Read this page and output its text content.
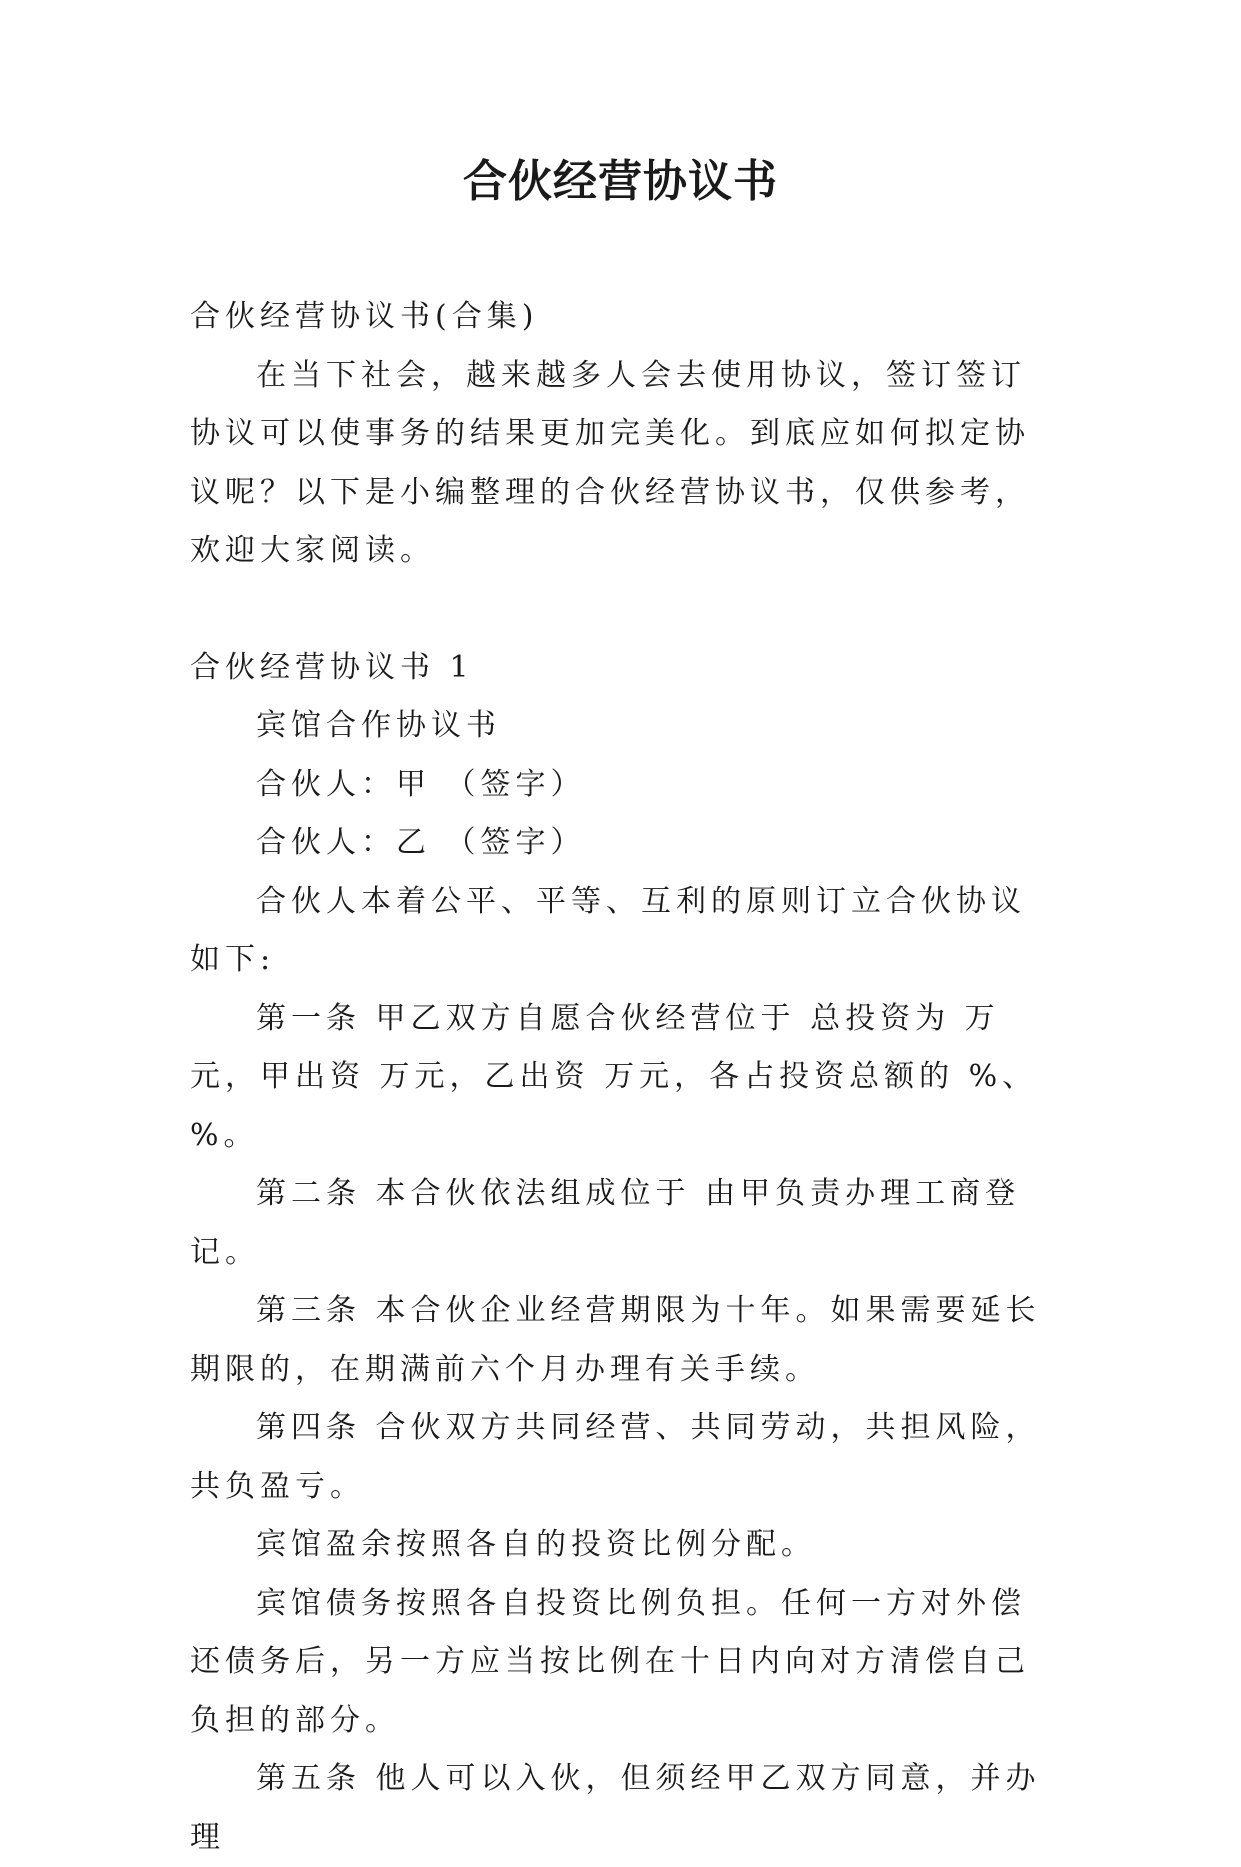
合伙经营协议书

合伙经营协议书(合集)

在当下社会，越来越多人会去使用协议，签订签订协议可以使事务的结果更加完美化。到底应如何拟定协议呢？以下是小编整理的合伙经营协议书，仅供参考，欢迎大家阅读。

合伙经营协议书 1

宾馆合作协议书

合伙人：甲 （签字）

合伙人：乙 （签字）

合伙人本着公平、平等、互利的原则订立合伙协议如下:

第一条 甲乙双方自愿合伙经营位于 总投资为 万元，甲出资 万元，乙出资 万元，各占投资总额的 %、 %。

第二条 本合伙依法组成位于 由甲负责办理工商登记。

第三条 本合伙企业经营期限为十年。如果需要延长期限的，在期满前六个月办理有关手续。

第四条 合伙双方共同经营、共同劳动，共担风险，共负盈亏。

宾馆盈余按照各自的投资比例分配。

宾馆债务按照各自投资比例负担。任何一方对外偿还债务后，另一方应当按比例在十日内向对方清偿自己负担的部分。

第五条 他人可以入伙，但须经甲乙双方同意，并办理
